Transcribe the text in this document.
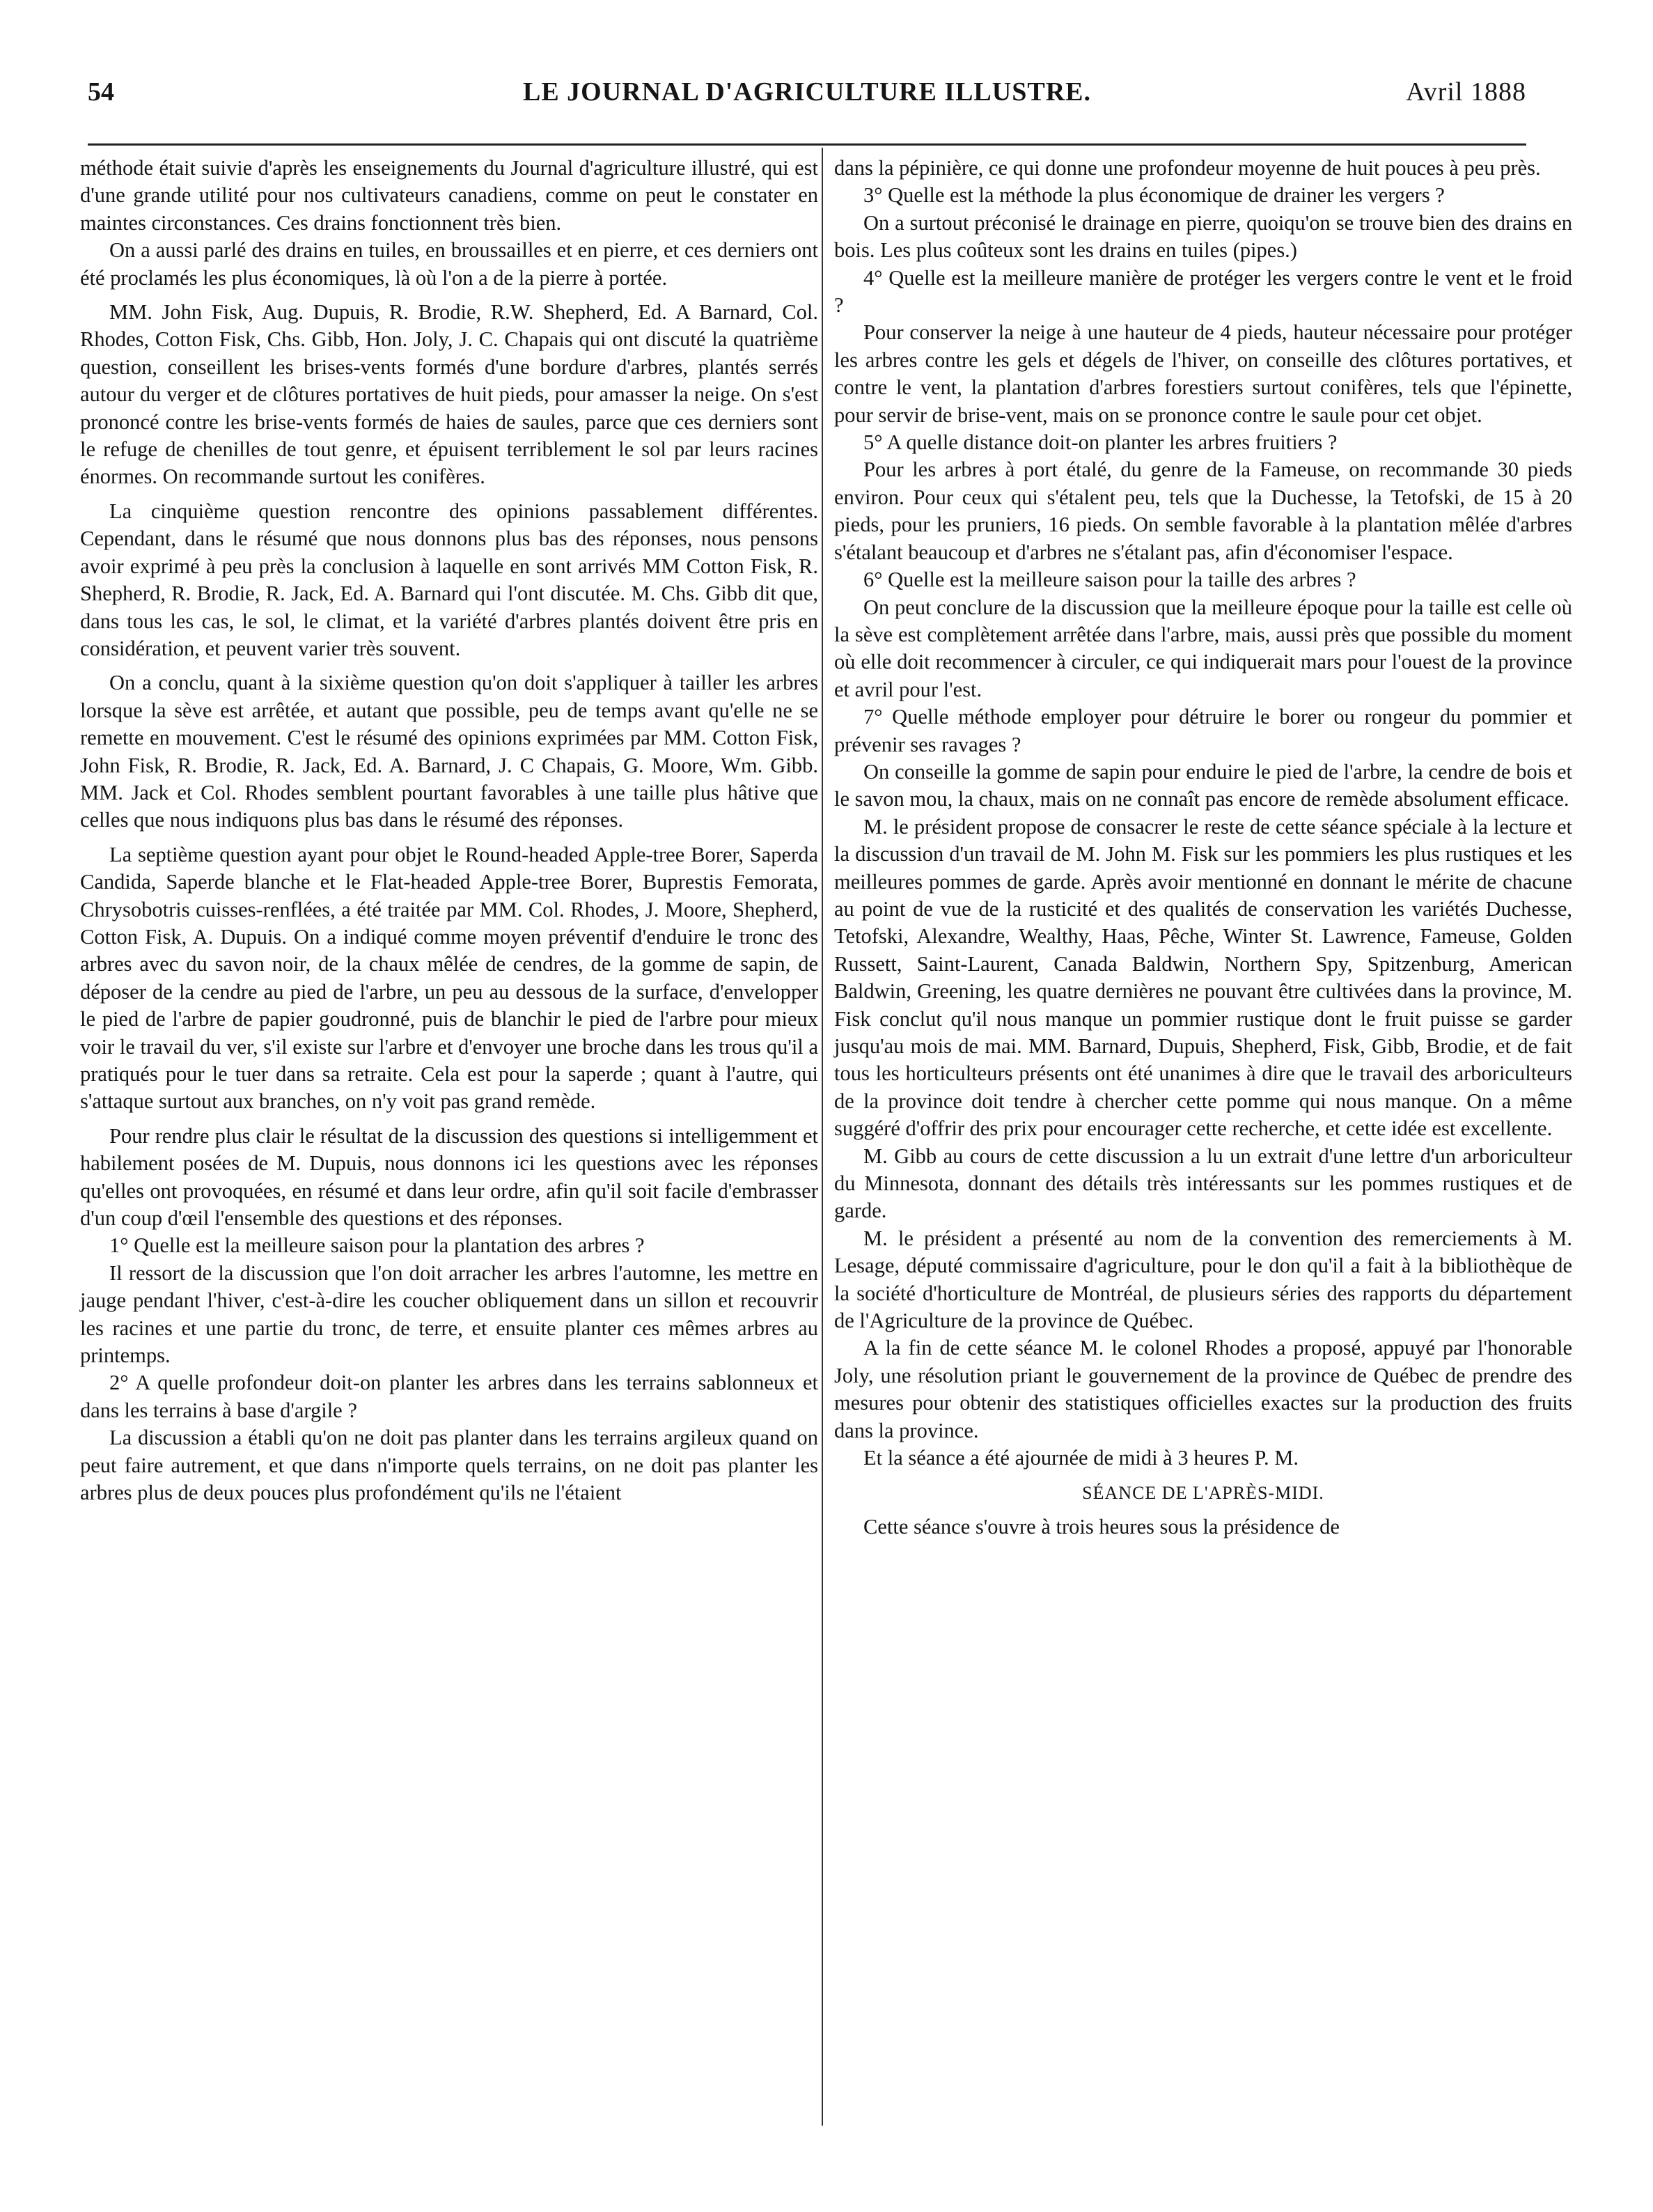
54	LE JOURNAL D'AGRICULTURE ILLUSTRE.	Avril 1888

méthode était suivie d'après les enseignements du Journal d'agriculture illustré, qui est d'une grande utilité pour nos cultivateurs canadiens, comme on peut le constater en maintes circonstances. Ces drains fonctionnent très bien.

On a aussi parlé des drains en tuiles, en broussailles et en pierre, et ces derniers ont été proclamés les plus économiques, là où l'on a de la pierre à portée.

MM. John Fisk, Aug. Dupuis, R. Brodie, R.W. Shepherd, Ed. A Barnard, Col. Rhodes, Cotton Fisk, Chs. Gibb, Hon. Joly, J. C. Chapais qui ont discuté la quatrième question, conseillent les brises-vents formés d'une bordure d'arbres, plantés serrés autour du verger et de clôtures portatives de huit pieds, pour amasser la neige. On s'est prononcé contre les brise-vents formés de haies de saules, parce que ces derniers sont le refuge de chenilles de tout genre, et épuisent terriblement le sol par leurs racines énormes. On recommande surtout les conifères.

La cinquième question rencontre des opinions passablement différentes. Cependant, dans le résumé que nous donnons plus bas des réponses, nous pensons avoir exprimé à peu près la conclusion à laquelle en sont arrivés MM Cotton Fisk, R. Shepherd, R. Brodie, R. Jack, Ed. A. Barnard qui l'ont discutée. M. Chs. Gibb dit que, dans tous les cas, le sol, le climat, et la variété d'arbres plantés doivent être pris en considération, et peuvent varier très souvent.

On a conclu, quant à la sixième question qu'on doit s'appliquer à tailler les arbres lorsque la sève est arrêtée, et autant que possible, peu de temps avant qu'elle ne se remette en mouvement. C'est le résumé des opinions exprimées par MM. Cotton Fisk, John Fisk, R. Brodie, R. Jack, Ed. A. Barnard, J. C Chapais, G. Moore, Wm. Gibb. MM. Jack et Col. Rhodes semblent pourtant favorables à une taille plus hâtive que celles que nous indiquons plus bas dans le résumé des réponses.

La septième question ayant pour objet le Round-headed Apple-tree Borer, Saperda Candida, Saperde blanche et le Flat-headed Apple-tree Borer, Buprestis Femorata, Chrysobotris cuisses-renflées, a été traitée par MM. Col. Rhodes, J. Moore, Shepherd, Cotton Fisk, A. Dupuis. On a indiqué comme moyen préventif d'enduire le tronc des arbres avec du savon noir, de la chaux mêlée de cendres, de la gomme de sapin, de déposer de la cendre au pied de l'arbre, un peu au dessous de la surface, d'envelopper le pied de l'arbre de papier goudronné, puis de blanchir le pied de l'arbre pour mieux voir le travail du ver, s'il existe sur l'arbre et d'envoyer une broche dans les trous qu'il a pratiqués pour le tuer dans sa retraite. Cela est pour la saperde ; quant à l'autre, qui s'attaque surtout aux branches, on n'y voit pas grand remède.

Pour rendre plus clair le résultat de la discussion des questions si intelligemment et habilement posées de M. Dupuis, nous donnons ici les questions avec les réponses qu'elles ont provoquées, en résumé et dans leur ordre, afin qu'il soit facile d'embrasser d'un coup d'œil l'ensemble des questions et des réponses.

1° Quelle est la meilleure saison pour la plantation des arbres ?

Il ressort de la discussion que l'on doit arracher les arbres l'automne, les mettre en jauge pendant l'hiver, c'est-à-dire les coucher obliquement dans un sillon et recouvrir les racines et une partie du tronc, de terre, et ensuite planter ces mêmes arbres au printemps.

2° A quelle profondeur doit-on planter les arbres dans les terrains sablonneux et dans les terrains à base d'argile ?

La discussion a établi qu'on ne doit pas planter dans les terrains argileux quand on peut faire autrement, et que dans n'importe quels terrains, on ne doit pas planter les arbres plus de deux pouces plus profondément qu'ils ne l'étaient

dans la pépinière, ce qui donne une profondeur moyenne de huit pouces à peu près.

3° Quelle est la méthode la plus économique de drainer les vergers ?

On a surtout préconisé le drainage en pierre, quoiqu'on se trouve bien des drains en bois. Les plus coûteux sont les drains en tuiles (pipes.)

4° Quelle est la meilleure manière de protéger les vergers contre le vent et le froid ?

Pour conserver la neige à une hauteur de 4 pieds, hauteur nécessaire pour protéger les arbres contre les gels et dégels de l'hiver, on conseille des clôtures portatives, et contre le vent, la plantation d'arbres forestiers surtout conifères, tels que l'épinette, pour servir de brise-vent, mais on se prononce contre le saule pour cet objet.

5° A quelle distance doit-on planter les arbres fruitiers ?

Pour les arbres à port étalé, du genre de la Fameuse, on recommande 30 pieds environ. Pour ceux qui s'étalent peu, tels que la Duchesse, la Tetofski, de 15 à 20 pieds, pour les pruniers, 16 pieds. On semble favorable à la plantation mêlée d'arbres s'étalant beaucoup et d'arbres ne s'étalant pas, afin d'économiser l'espace.

6° Quelle est la meilleure saison pour la taille des arbres ?

On peut conclure de la discussion que la meilleure époque pour la taille est celle où la sève est complètement arrêtée dans l'arbre, mais, aussi près que possible du moment où elle doit recommencer à circuler, ce qui indiquerait mars pour l'ouest de la province et avril pour l'est.

7° Quelle méthode employer pour détruire le borer ou rongeur du pommier et prévenir ses ravages ?

On conseille la gomme de sapin pour enduire le pied de l'arbre, la cendre de bois et le savon mou, la chaux, mais on ne connaît pas encore de remède absolument efficace.

M. le président propose de consacrer le reste de cette séance spéciale à la lecture et la discussion d'un travail de M. John M. Fisk sur les pommiers les plus rustiques et les meilleures pommes de garde. Après avoir mentionné en donnant le mérite de chacune au point de vue de la rusticité et des qualités de conservation les variétés Duchesse, Tetofski, Alexandre, Wealthy, Haas, Pêche, Winter St. Lawrence, Fameuse, Golden Russett, Saint-Laurent, Canada Baldwin, Northern Spy, Spitzenburg, American Baldwin, Greening, les quatre dernières ne pouvant être cultivées dans la province, M. Fisk conclut qu'il nous manque un pommier rustique dont le fruit puisse se garder jusqu'au mois de mai. MM. Barnard, Dupuis, Shepherd, Fisk, Gibb, Brodie, et de fait tous les horticulteurs présents ont été unanimes à dire que le travail des arboriculteurs de la province doit tendre à chercher cette pomme qui nous manque. On a même suggéré d'offrir des prix pour encourager cette recherche, et cette idée est excellente.

M. Gibb au cours de cette discussion a lu un extrait d'une lettre d'un arboriculteur du Minnesota, donnant des détails très intéressants sur les pommes rustiques et de garde.

M. le président a présenté au nom de la convention des remerciements à M. Lesage, député commissaire d'agriculture, pour le don qu'il a fait à la bibliothèque de la société d'horticulture de Montréal, de plusieurs séries des rapports du département de l'Agriculture de la province de Québec.

A la fin de cette séance M. le colonel Rhodes a proposé, appuyé par l'honorable Joly, une résolution priant le gouvernement de la province de Québec de prendre des mesures pour obtenir des statistiques officielles exactes sur la production des fruits dans la province.

Et la séance a été ajournée de midi à 3 heures P. M.

SÉANCE DE L'APRÈS-MIDI.

Cette séance s'ouvre à trois heures sous la présidence de
